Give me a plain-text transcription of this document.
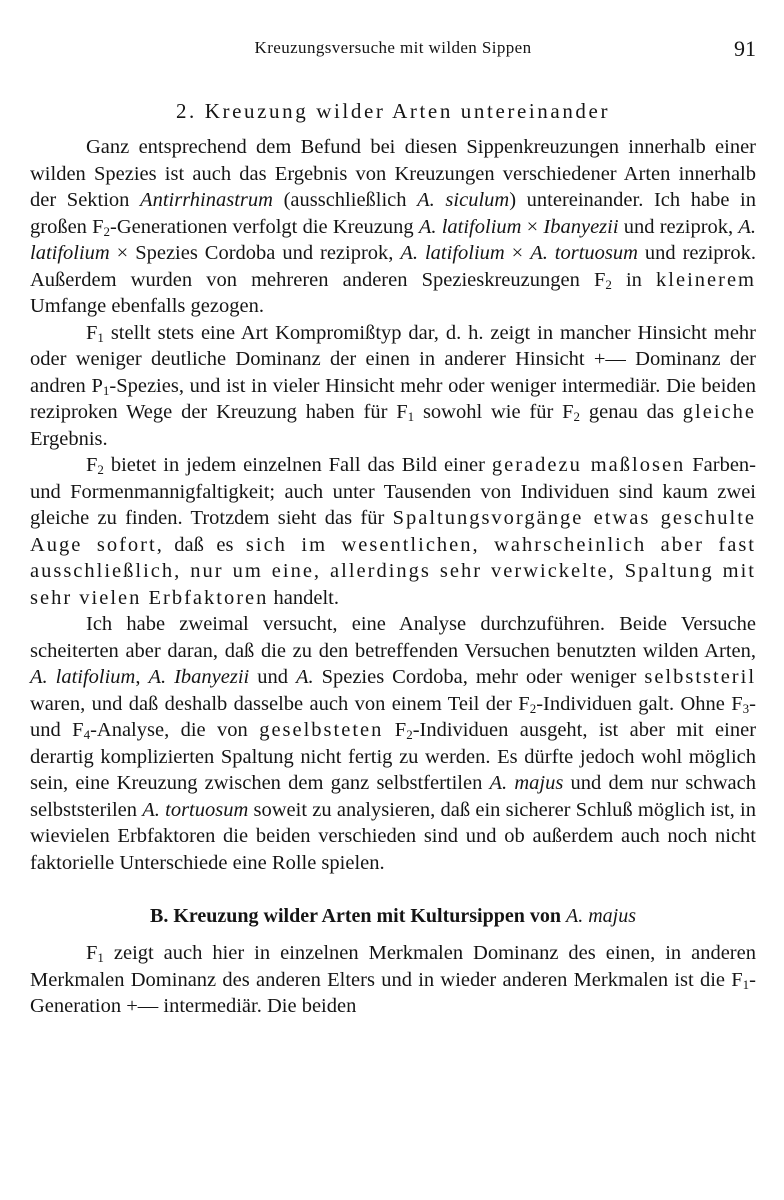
Kreuzungsversuche mit wilden Sippen	91
2. Kreuzung wilder Arten untereinander

Ganz entsprechend dem Befund bei diesen Sippenkreuzungen innerhalb einer wilden Spezies ist auch das Ergebnis von Kreuzungen verschiedener Arten innerhalb der Sektion Antirrhinastrum (ausschließlich A. siculum) untereinander. Ich habe in großen $F_2$-Generationen verfolgt die Kreuzung A. latifolium × Ibanyezii und reziprok, A. latifolium × Spezies Cordoba und reziprok, A. latifolium × A. tortuosum und reziprok. Außerdem wurden von mehreren anderen Spezieskreuzungen $F_2$ in kleinerem Umfange ebenfalls gezogen.

$F_1$ stellt stets eine Art Kompromißtyp dar, d. h. zeigt in mancher Hinsicht mehr oder weniger deutliche Dominanz der einen in anderer Hinsicht +— Dominanz der andren $P_1$-Spezies, und ist in vieler Hinsicht mehr oder weniger intermediär. Die beiden reziproken Wege der Kreuzung haben für $F_1$ sowohl wie für $F_2$ genau das gleiche Ergebnis.

$F_2$ bietet in jedem einzelnen Fall das Bild einer geradezu maßlosen Farben- und Formenmannigfaltigkeit; auch unter Tausenden von Individuen sind kaum zwei gleiche zu finden. Trotzdem sieht das für Spaltungsvorgänge etwas geschulte Auge sofort, daß es sich im wesentlichen, wahrscheinlich aber fast ausschließlich, nur um eine, allerdings sehr verwickelte, Spaltung mit sehr vielen Erbfaktoren handelt.

Ich habe zweimal versucht, eine Analyse durchzuführen. Beide Versuche scheiterten aber daran, daß die zu den betreffenden Versuchen benutzten wilden Arten, A. latifolium, A. Ibanyezii und A. Spezies Cordoba, mehr oder weniger selbststeril waren, und daß deshalb dasselbe auch von einem Teil der $F_2$-Individuen galt. Ohne $F_3-$ und $F_4$-Analyse, die von geselbsteten $F_2$-Individuen ausgeht, ist aber mit einer derartig komplizierten Spaltung nicht fertig zu werden. Es dürfte jedoch wohl möglich sein, eine Kreuzung zwischen dem ganz selbstfertilen A. majus und dem nur schwach selbststerilen A. tortuosum soweit zu analysieren, daß ein sicherer Schluß möglich ist, in wievielen Erbfaktoren die beiden verschieden sind und ob außerdem auch noch nicht faktorielle Unterschiede eine Rolle spielen.

B. Kreuzung wilder Arten mit Kultursippen von A. majus

$F_1$ zeigt auch hier in einzelnen Merkmalen Dominanz des einen, in anderen Merkmalen Dominanz des anderen Elters und in wieder anderen Merkmalen ist die $F_1$-Generation +— intermediär. Die beiden
